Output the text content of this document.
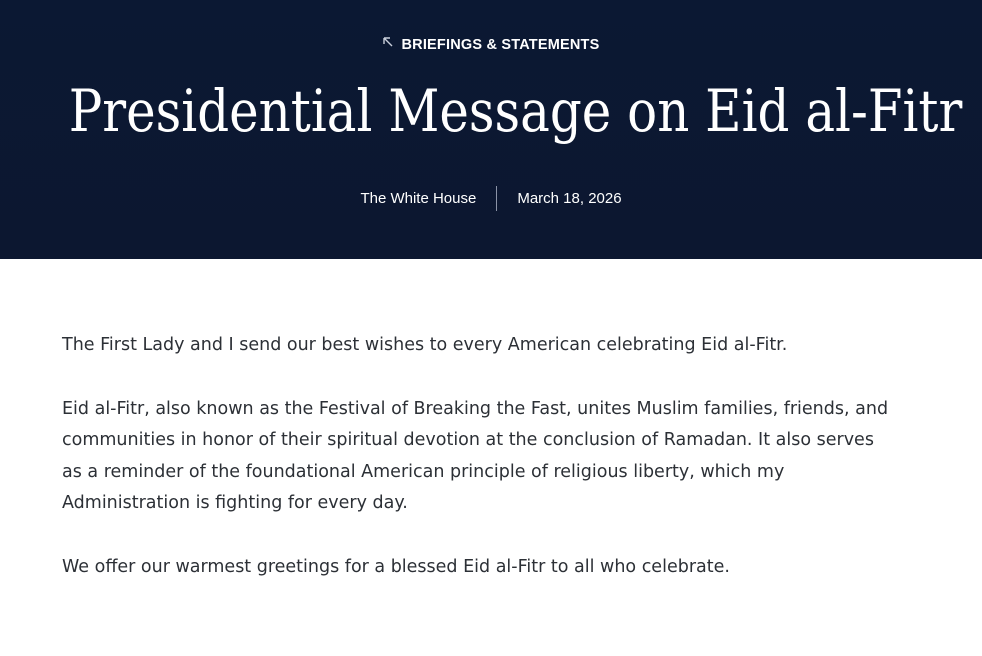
BRIEFINGS & STATEMENTS
Presidential Message on Eid al-Fitr
The White House	March 18, 2026

The First Lady and I send our best wishes to every American celebrating Eid al-Fitr.

Eid al-Fitr, also known as the Festival of Breaking the Fast, unites Muslim families, friends, and communities in honor of their spiritual devotion at the conclusion of Ramadan. It also serves as a reminder of the foundational American principle of religious liberty, which my Administration is fighting for every day.

We offer our warmest greetings for a blessed Eid al-Fitr to all who celebrate.
